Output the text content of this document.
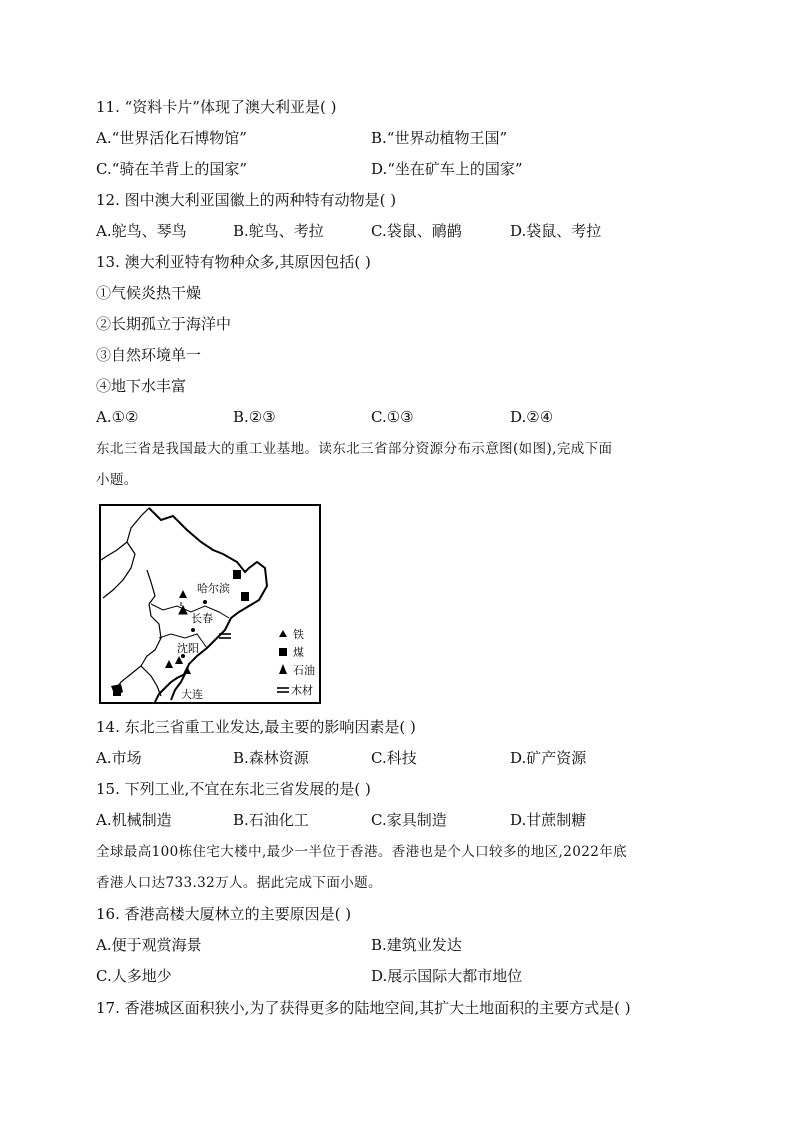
11. “资料卡片”体现了澳大利亚是( )
A.“世界活化石博物馆”	B.“世界动植物王国”
C.“骑在羊背上的国家”	D.“坐在矿车上的国家”
12. 图中澳大利亚国徽上的两种特有动物是( )
A.鸵鸟、琴鸟	B.鸵鸟、考拉	C.袋鼠、鸸鹋	D.袋鼠、考拉
13. 澳大利亚特有物种众多,其原因包括( )
①气候炎热干燥
②长期孤立于海洋中
③自然环境单一
④地下水丰富
A.①②	B.②③	C.①③	D.②④
东北三省是我国最大的重工业基地。读东北三省部分资源分布示意图(如图),完成下面
小题。
哈尔滨
长春
沈阳
大连
铁
煤
石油
木材
14. 东北三省重工业发达,最主要的影响因素是( )
A.市场	B.森林资源	C.科技	D.矿产资源
15. 下列工业,不宜在东北三省发展的是( )
A.机械制造	B.石油化工	C.家具制造	D.甘蔗制糖
全球最高100栋住宅大楼中,最少一半位于香港。香港也是个人口较多的地区,2022年底
香港人口达733.32万人。据此完成下面小题。
16. 香港高楼大厦林立的主要原因是( )
A.便于观赏海景	B.建筑业发达
C.人多地少	D.展示国际大都市地位
17. 香港城区面积狭小,为了获得更多的陆地空间,其扩大土地面积的主要方式是( )
